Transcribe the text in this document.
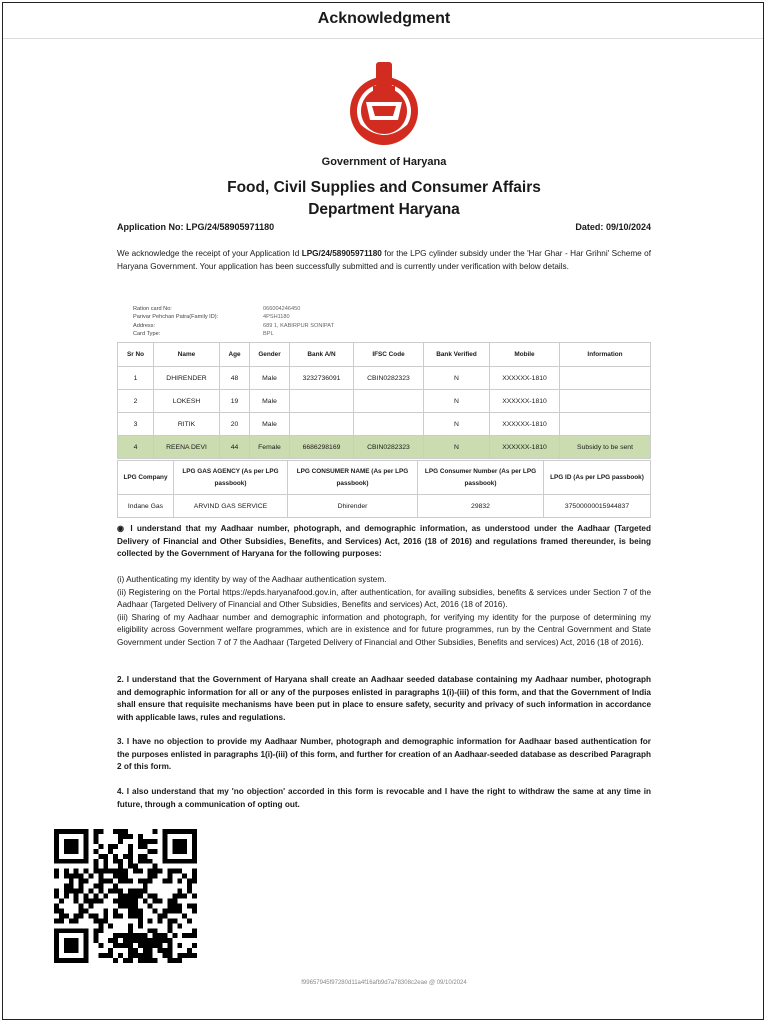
Acknowledgment
Government of Haryana
Food, Civil Supplies and Consumer Affairs
Department Haryana
Application No: LPG/24/58905971180	Dated: 09/10/2024
We acknowledge the receipt of your Application Id LPG/24/58905971180 for the LPG cylinder subsidy under the 'Har Ghar - Har Grihni' Scheme of Haryana Government. Your application has been successfully submitted and is currently under verification with below details.
Ration card No:	066004246450
Parivar Pehchan Patra(Family ID):	4PSH1180
Address:	689 1, KABIRPUR SONIPAT
Card Type:	BPL
Sr No	Name	Age	Gender	Bank A/N	IFSC Code	Bank Verified	Mobile	Information
1	DHIRENDER	48	Male	3232736091	CBIN0282323	N	XXXXXX-1810	
2	LOKESH	19	Male			N	XXXXXX-1810	
3	RITIK	20	Male			N	XXXXXX-1810	
4	REENA DEVI	44	Female	6686298169	CBIN0282323	N	XXXXXX-1810	Subsidy to be sent
LPG Company	LPG GAS AGENCY (As per LPG passbook)	LPG CONSUMER NAME (As per LPG passbook)	LPG Consumer Number (As per LPG passbook)	LPG ID (As per LPG passbook)
Indane Gas	ARVIND GAS SERVICE	Dhirender	29832	37500000015944837
◉ I understand that my Aadhaar number, photograph, and demographic information, as understood under the Aadhaar (Targeted Delivery of Financial and Other Subsidies, Benefits, and Services) Act, 2016 (18 of 2016) and regulations framed thereunder, is being collected by the Government of Haryana for the following purposes:
(i) Authenticating my identity by way of the Aadhaar authentication system.
(ii) Registering on the Portal https://epds.haryanafood.gov.in, after authentication, for availing subsidies, benefits & services under Section 7 of the Aadhaar (Targeted Delivery of Financial and Other Subsidies, Benefits and services) Act, 2016 (18 of 2016).
(iii) Sharing of my Aadhaar number and demographic information and photograph, for verifying my identity for the purpose of determining my eligibility across Government welfare programmes, which are in existence and for future programmes, run by the Central Government and State Government under Section 7 of 7 the Aadhaar (Targeted Delivery of Financial and Other Subsidies, Benefits and services) Act, 2016 (18 of 2016).
2. I understand that the Government of Haryana shall create an Aadhaar seeded database containing my Aadhaar number, photograph and demographic information for all or any of the purposes enlisted in paragraphs 1(i)-(iii) of this form, and that the Government of India shall ensure that requisite mechanisms have been put in place to ensure safety, security and privacy of such information in accordance with applicable laws, rules and regulations.
3. I have no objection to provide my Aadhaar Number, photograph and demographic information for Aadhaar based authentication for the purposes enlisted in paragraphs 1(i)-(iii) of this form, and further for creation of an Aadhaar-seeded database as described Paragraph 2 of this form.
4. I also understand that my 'no objection' accorded in this form is revocable and I have the right to withdraw the same at any time in future, through a communication of opting out.
f99657945f97280d11a4f16afb9d7a78308c2eae @ 09/10/2024
